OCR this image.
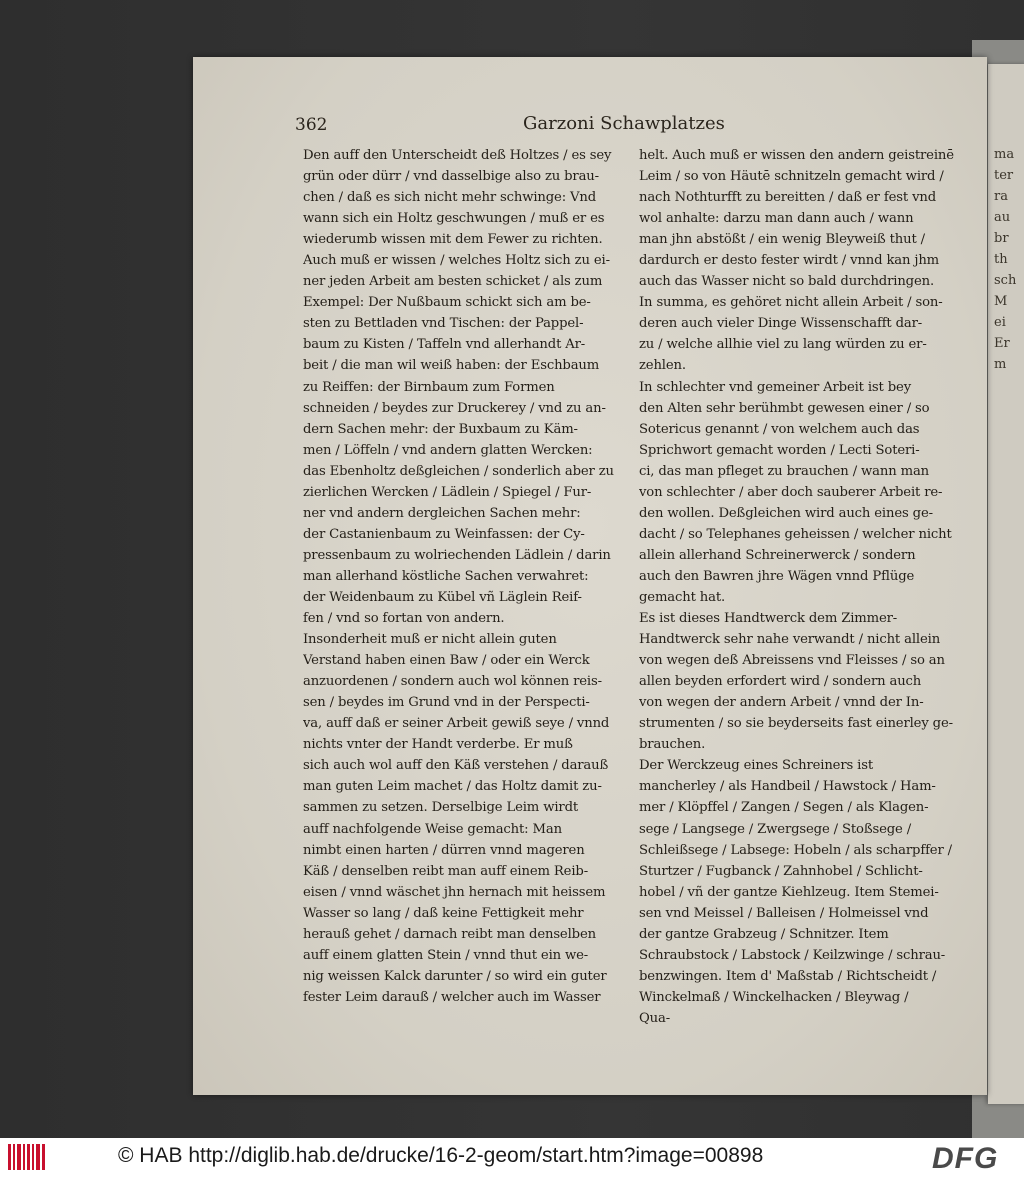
ma
ter
ra
au
br
th
sch
M
ei
Er
m
362	Garzoni Schawplatzes
Den auff den Unterscheidt deß Holtzes / es sey
grün oder dürr / vnd dasselbige also zu brau-
chen / daß es sich nicht mehr schwinge: Vnd
wann sich ein Holtz geschwungen / muß er es
wiederumb wissen mit dem Fewer zu richten.
Auch muß er wissen / welches Holtz sich zu ei-
ner jeden Arbeit am besten schicket / als zum
Exempel: Der Nußbaum schickt sich am be-
sten zu Bettladen vnd Tischen: der Pappel-
baum zu Kisten / Taffeln vnd allerhandt Ar-
beit / die man wil weiß haben: der Eschbaum
zu Reiffen: der Birnbaum zum Formen
schneiden / beydes zur Druckerey / vnd zu an-
dern Sachen mehr: der Buxbaum zu Käm-
men / Löffeln / vnd andern glatten Wercken:
das Ebenholtz deßgleichen / sonderlich aber zu
zierlichen Wercken / Lädlein / Spiegel / Fur-
ner vnd andern dergleichen Sachen mehr:
der Castanienbaum zu Weinfassen: der Cy-
pressenbaum zu wolriechenden Lädlein / darin
man allerhand köstliche Sachen verwahret:
der Weidenbaum zu Kübel vñ Läglein Reif-
fen / vnd so fortan von andern.
Insonderheit muß er nicht allein guten
Verstand haben einen Baw / oder ein Werck
anzuordenen / sondern auch wol können reis-
sen / beydes im Grund vnd in der Perspecti-
va, auff daß er seiner Arbeit gewiß seye / vnnd
nichts vnter der Handt verderbe. Er muß
sich auch wol auff den Käß verstehen / darauß
man guten Leim machet / das Holtz damit zu-
sammen zu setzen. Derselbige Leim wirdt
auff nachfolgende Weise gemacht: Man
nimbt einen harten / dürren vnnd mageren
Käß / denselben reibt man auff einem Reib-
eisen / vnnd wäschet jhn hernach mit heissem
Wasser so lang / daß keine Fettigkeit mehr
herauß gehet / darnach reibt man denselben
auff einem glatten Stein / vnnd thut ein we-
nig weissen Kalck darunter / so wird ein guter
fester Leim darauß / welcher auch im Wasser
helt. Auch muß er wissen den andern geistreinē
Leim / so von Häutē schnitzeln gemacht wird /
nach Nothturfft zu bereitten / daß er fest vnd
wol anhalte: darzu man dann auch / wann
man jhn abstößt / ein wenig Bleyweiß thut /
dardurch er desto fester wirdt / vnnd kan jhm
auch das Wasser nicht so bald durchdringen.
In summa, es gehöret nicht allein Arbeit / son-
deren auch vieler Dinge Wissenschafft dar-
zu / welche allhie viel zu lang würden zu er-
zehlen.
In schlechter vnd gemeiner Arbeit ist bey
den Alten sehr berühmbt gewesen einer / so
Sotericus genannt / von welchem auch das
Sprichwort gemacht worden / Lecti Soteri-
ci, das man pfleget zu brauchen / wann man
von schlechter / aber doch sauberer Arbeit re-
den wollen. Deßgleichen wird auch eines ge-
dacht / so Telephanes geheissen / welcher nicht
allein allerhand Schreinerwerck / sondern
auch den Bawren jhre Wägen vnnd Pflüge
gemacht hat.
Es ist dieses Handtwerck dem Zimmer-
Handtwerck sehr nahe verwandt / nicht allein
von wegen deß Abreissens vnd Fleisses / so an
allen beyden erfordert wird / sondern auch
von wegen der andern Arbeit / vnnd der In-
strumenten / so sie beyderseits fast einerley ge-
brauchen.
Der Werckzeug eines Schreiners ist
mancherley / als Handbeil / Hawstock / Ham-
mer / Klöpffel / Zangen / Segen / als Klagen-
sege / Langsege / Zwergsege / Stoßsege /
Schleißsege / Labsege: Hobeln / als scharpffer /
Sturtzer / Fugbanck / Zahnhobel / Schlicht-
hobel / vñ der gantze Kiehlzeug. Item Stemei-
sen vnd Meissel / Balleisen / Holmeissel vnd
der gantze Grabzeug / Schnitzer. Item
Schraubstock / Labstock / Keilzwinge / schrau-
benzwingen. Item d' Maßstab / Richtscheidt /
Winckelmaß / Winckelhacken / Bleywag /
Qua-
© HAB http://diglib.hab.de/drucke/16-2-geom/start.htm?image=00898	DFG
